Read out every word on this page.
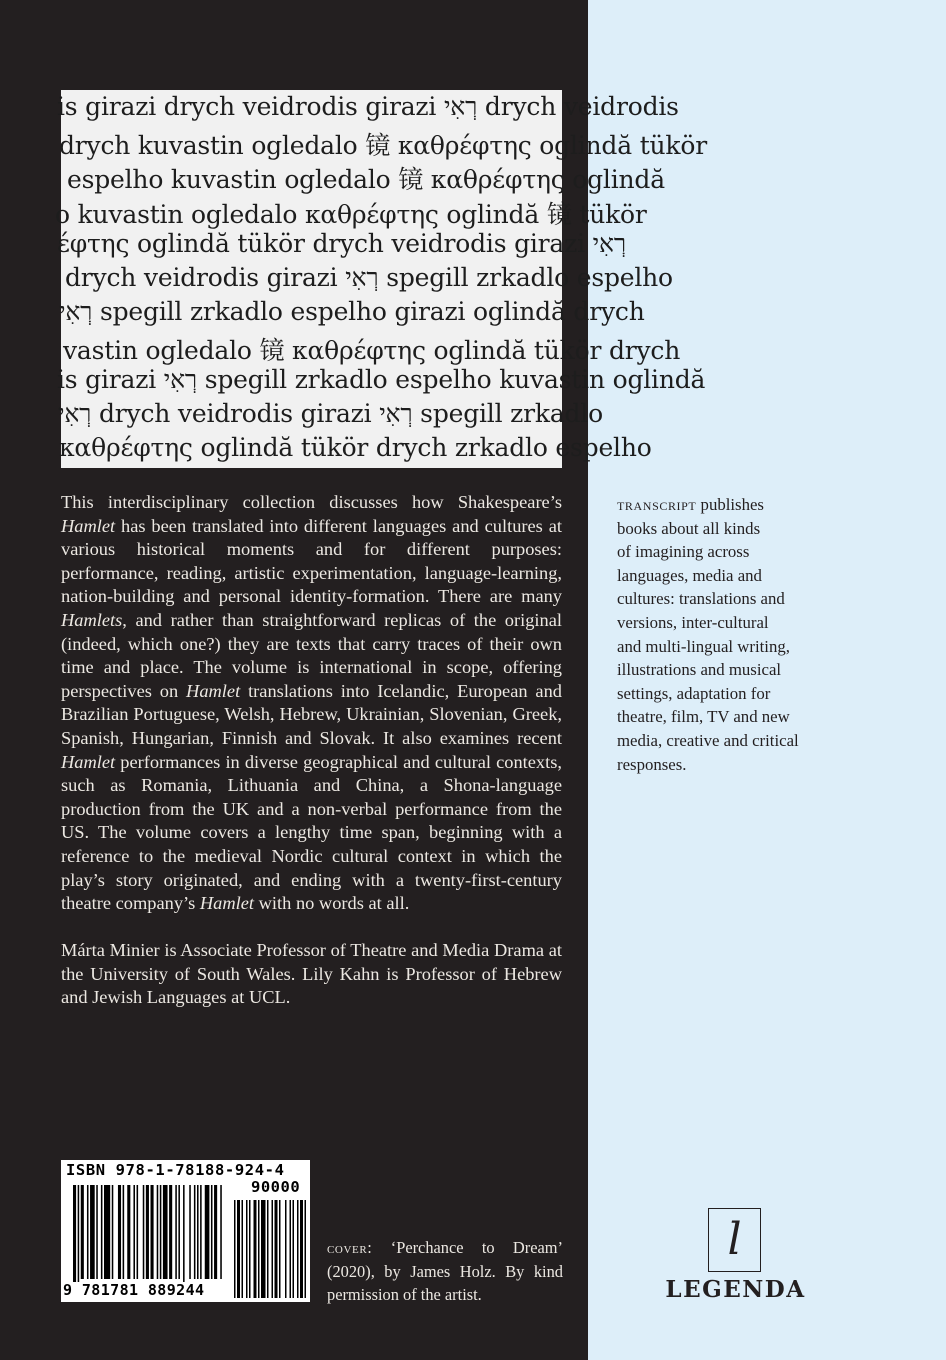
is girazi drych veidrodis girazi רְאִי drych veidrodis
drych kuvastin ogledalo 镜 καθρέφτης oglindă tükör
espelho kuvastin ogledalo 镜 καθρέφτης oglindă
o kuvastin ogledalo καθρέφτης oglindă 镜 tükör
έφτης oglindă tükör drych veidrodis girazi רְאִי
drych veidrodis girazi רְאִי spegill zrkadlo espelho
רְאִי spegill zrkadlo espelho girazi oglindă drych
vastin ogledalo 镜 καθρέφτης oglindă tükör drych
is girazi רְאִי spegill zrkadlo espelho kuvastin oglindă
רְאִי drych veidrodis girazi רְאִי spegill zrkadlo
καθρέφτης oglindă tükör drych zrkadlo espelho

This interdisciplinary collection discusses how Shakespeare’s Hamlet has been translated into different languages and cultures at various historical moments and for different purposes: performance, reading, artistic experimentation, language-learning, nation-building and personal identity-formation. There are many Hamlets, and rather than straightforward replicas of the original (indeed, which one?) they are texts that carry traces of their own time and place. The volume is international in scope, offering perspectives on Hamlet translations into Icelandic, European and Brazilian Portuguese, Welsh, Hebrew, Ukrainian, Slovenian, Greek, Spanish, Hungarian, Finnish and Slovak. It also examines recent Hamlet performances in diverse geographical and cultural contexts, such as Romania, Lithuania and China, a Shona-language production from the UK and a non-verbal performance from the US. The volume covers a lengthy time span, beginning with a reference to the medieval Nordic cultural context in which the play’s story originated, and ending with a twenty-first-century theatre company’s Hamlet with no words at all.

Márta Minier is Associate Professor of Theatre and Media Drama at the University of South Wales. Lily Kahn is Professor of Hebrew and Jewish Languages at UCL.

ISBN 978-1-78188-924-4
90000
9 781781 889244
cover: ‘Perchance to Dream’ (2020), by James Holz. By kind permission of the artist.
transcript publishes
books about all kinds
of imagining across
languages, media and
cultures: translations and
versions, inter-cultural
and multi-lingual writing,
illustrations and musical
settings, adaptation for
theatre, film, TV and new
media, creative and critical
responses.
l
LEGENDA
